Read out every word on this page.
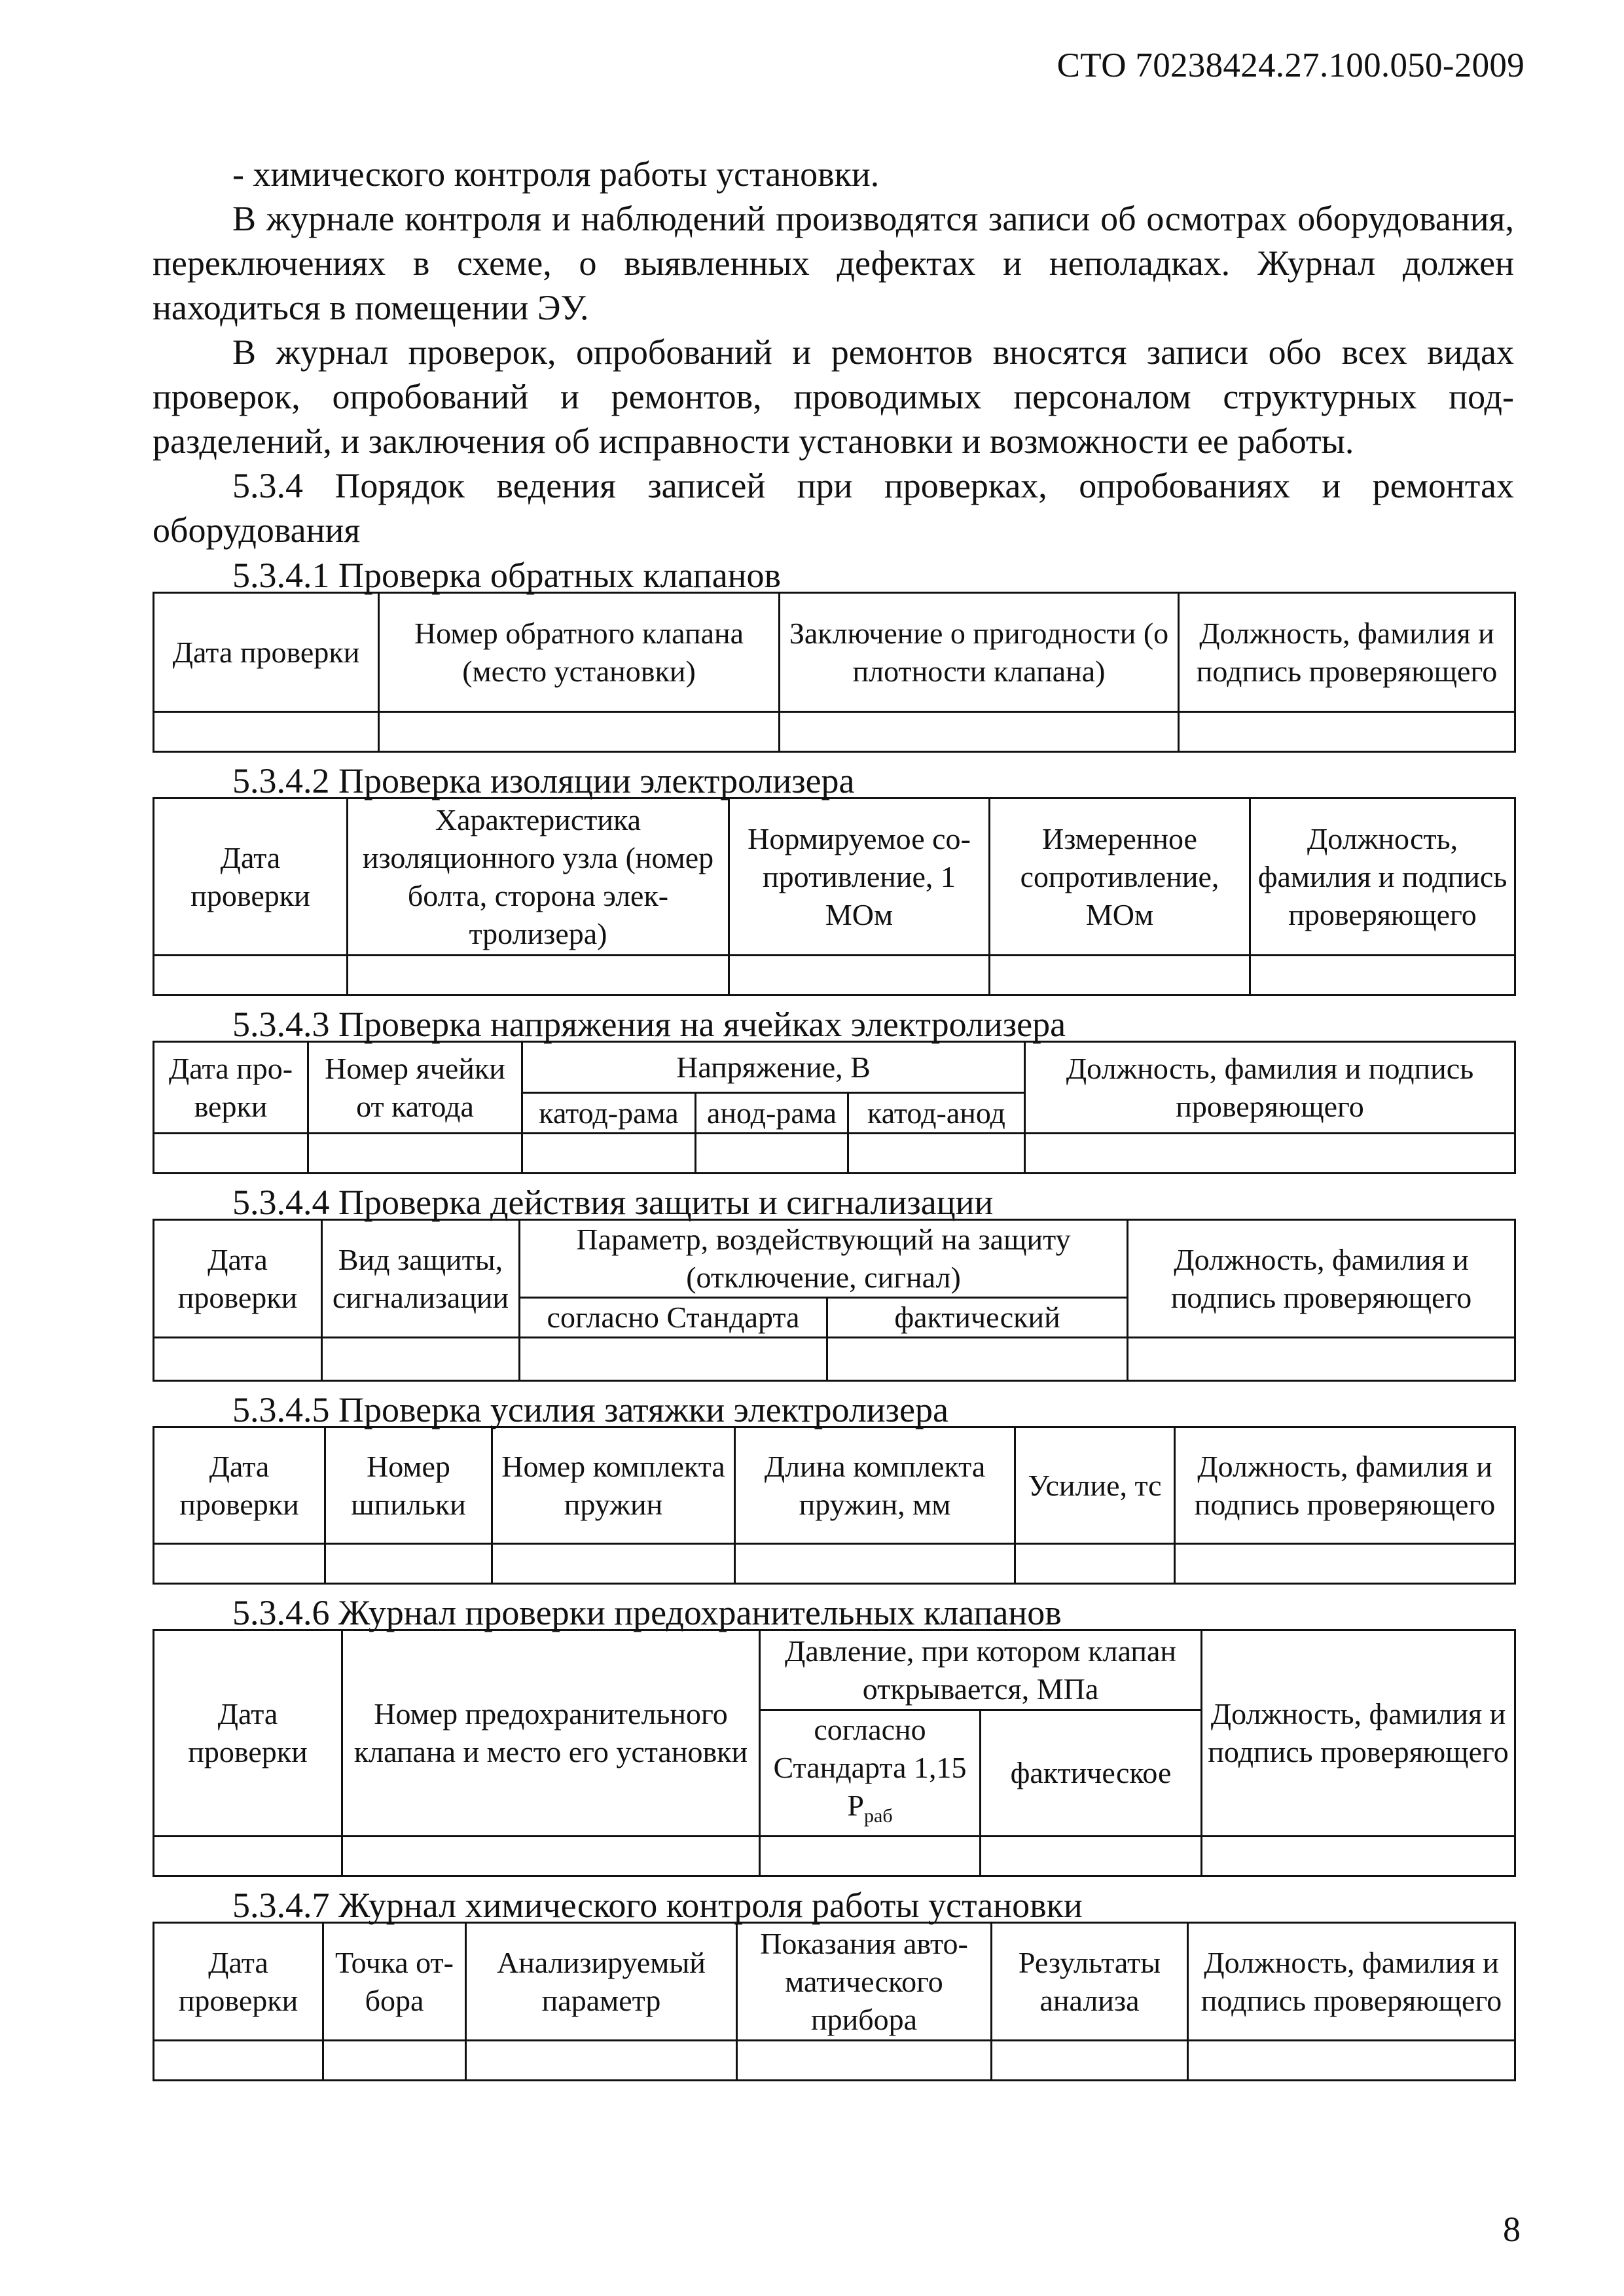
СТО 70238424.27.100.050-2009

- химического контроля работы установки.

В журнале контроля и наблюдений производятся записи об осмотрах оборудования, переключениях в схеме, о выявленных дефектах и неполадках. Журнал должен находиться в помещении ЭУ.

В журнал проверок, опробований и ремонтов вносятся записи обо всех видах проверок, опробований и ремонтов, проводимых персоналом структурных подразделений, и заключения об исправности установки и возможности ее работы.

5.3.4 Порядок ведения записей при проверках, опробованиях и ремонтах

оборудования

5.3.4.1 Проверка обратных клапанов

Дата проверки	Номер обратного клапана (место установки)	Заключение о пригодности (о плотности клапана)	Должность, фамилия и подпись проверяющего

5.3.4.2 Проверка изоляции электролизера

Дата проверки	Характеристика изоляционного узла (номер болта, сторона электролизера)	Нормируемое сопротивление, 1 МОм	Измеренное сопротивление, МОм	Должность, фамилия и подпись проверяющего

5.3.4.3 Проверка напряжения на ячейках электролизера

Дата проверки	Номер ячейки от катода	Напряжение, В			Должность, фамилия и подпись проверяющего
		катод-рама	анод-рама	катод-анод	

5.3.4.4 Проверка действия защиты и сигнализации

Дата проверки	Вид защиты, сигнализации	Параметр, воздействующий на защиту (отключение, сигнал)		Должность, фамилия и подпись проверяющего
		согласно Стандарта	фактический	

5.3.4.5 Проверка усилия затяжки электролизера

Дата проверки	Номер шпильки	Номер комплекта пружин	Длина комплекта пружин, мм	Усилие, тс	Должность, фамилия и подпись проверяющего

5.3.4.6 Журнал проверки предохранительных клапанов

Дата проверки	Номер предохранительного клапана и место его установки	Давление, при котором клапан открывается, МПа		Должность, фамилия и подпись проверяющего
		согласно Стандарта 1,15 $P_{раб}$	фактическое	

5.3.4.7 Журнал химического контроля работы установки

Дата проверки	Точка отбора	Анализируемый параметр	Показания автоматического прибора	Результаты анализа	Должность, фамилия и подпись проверяющего

8
